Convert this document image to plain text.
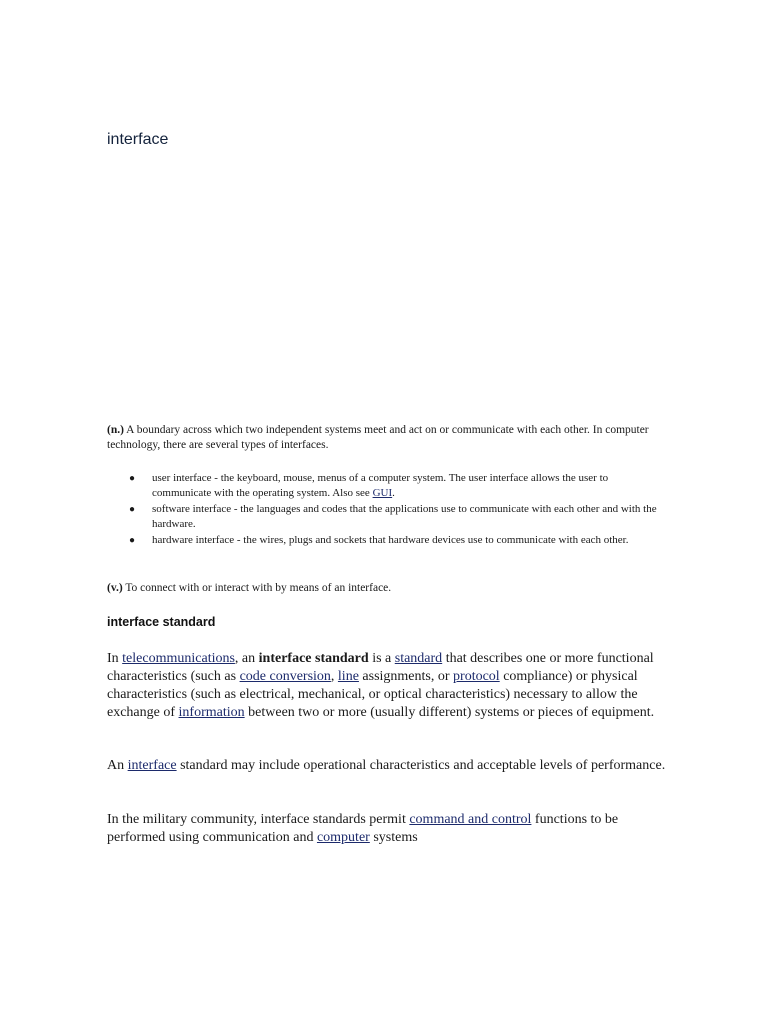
interface

(n.) A boundary across which two independent systems meet and act on or communicate with each other. In computer technology, there are several types of interfaces.

● user interface - the keyboard, mouse, menus of a computer system. The user interface allows the user to communicate with the operating system. Also see GUI.
● software interface - the languages and codes that the applications use to communicate with each other and with the hardware.
● hardware interface - the wires, plugs and sockets that hardware devices use to communicate with each other.

(v.) To connect with or interact with by means of an interface.

interface standard

In telecommunications, an interface standard is a standard that describes one or more functional characteristics (such as code conversion, line assignments, or protocol compliance) or physical characteristics (such as electrical, mechanical, or optical characteristics) necessary to allow the exchange of information between two or more (usually different) systems or pieces of equipment.

An interface standard may include operational characteristics and acceptable levels of performance.

In the military community, interface standards permit command and control functions to be performed using communication and computer systems
